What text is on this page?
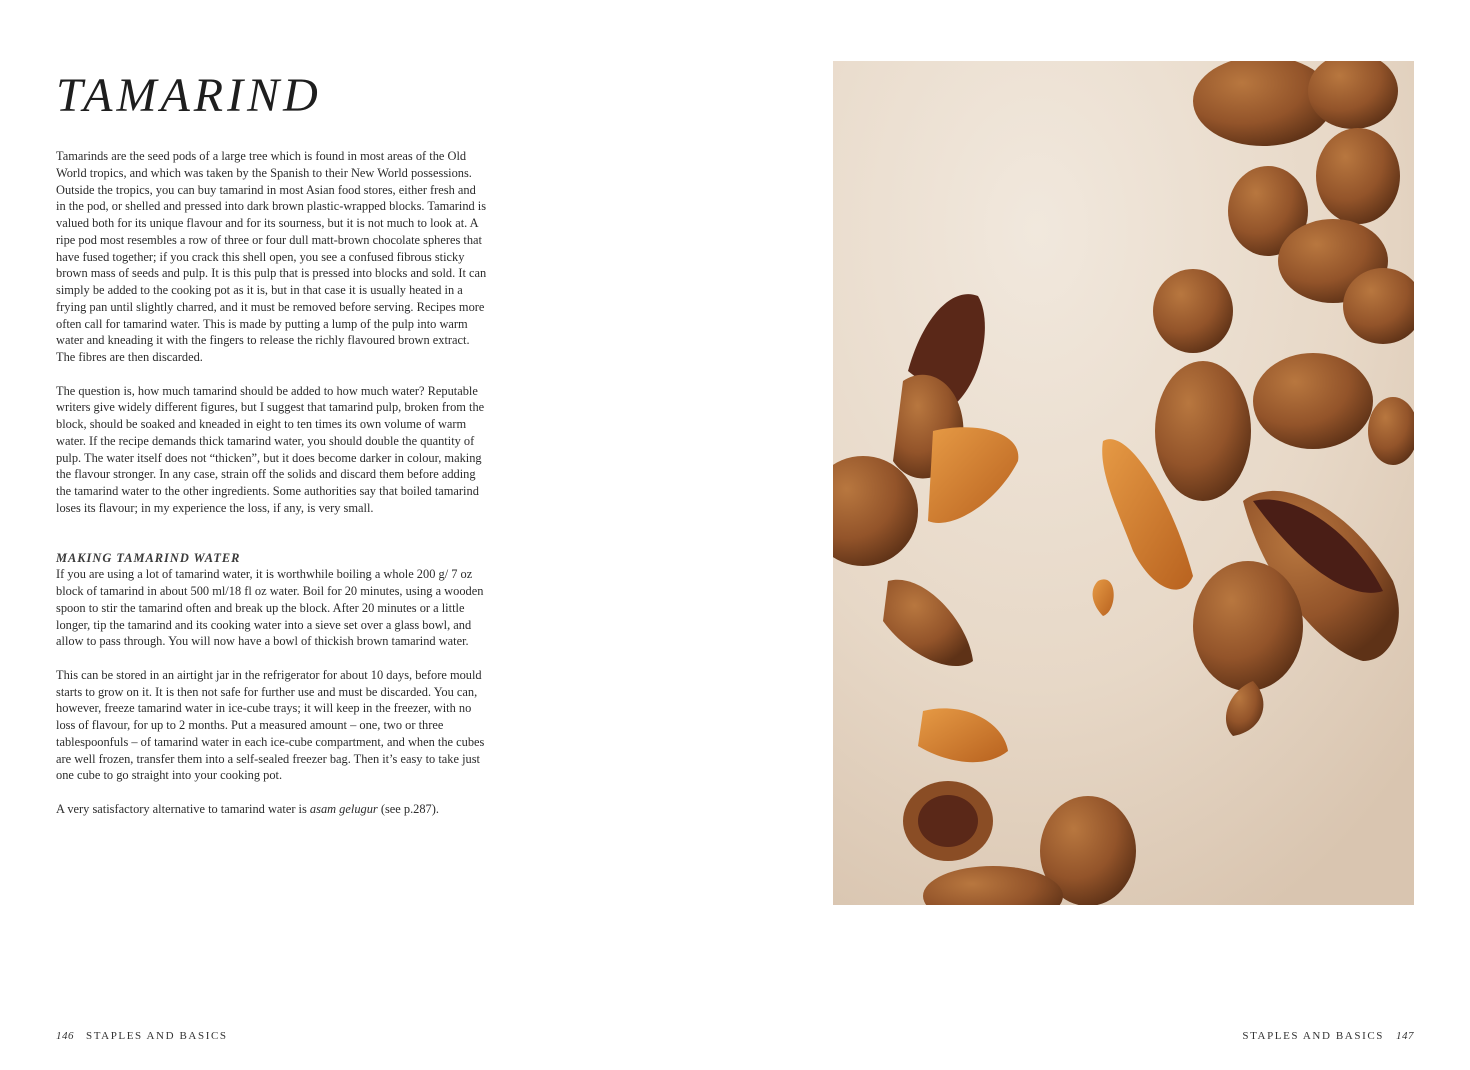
TAMARIND

Tamarinds are the seed pods of a large tree which is found in most areas of the Old World tropics, and which was taken by the Spanish to their New World possessions. Outside the tropics, you can buy tamarind in most Asian food stores, either fresh and in the pod, or shelled and pressed into dark brown plastic-wrapped blocks. Tamarind is valued both for its unique flavour and for its sourness, but it is not much to look at. A ripe pod most resembles a row of three or four dull matt-brown chocolate spheres that have fused together; if you crack this shell open, you see a confused fibrous sticky brown mass of seeds and pulp. It is this pulp that is pressed into blocks and sold. It can simply be added to the cooking pot as it is, but in that case it is usually heated in a frying pan until slightly charred, and it must be removed before serving. Recipes more often call for tamarind water. This is made by putting a lump of the pulp into warm water and kneading it with the fingers to release the richly flavoured brown extract. The fibres are then discarded.

The question is, how much tamarind should be added to how much water? Reputable writers give widely different figures, but I suggest that tamarind pulp, broken from the block, should be soaked and kneaded in eight to ten times its own volume of warm water. If the recipe demands thick tamarind water, you should double the quantity of pulp. The water itself does not “thicken”, but it does become darker in colour, making the flavour stronger. In any case, strain off the solids and discard them before adding the tamarind water to the other ingredients. Some authorities say that boiled tamarind loses its flavour; in my experience the loss, if any, is very small.

MAKING TAMARIND WATER

If you are using a lot of tamarind water, it is worthwhile boiling a whole 200 g/ 7 oz block of tamarind in about 500 ml/18 fl oz water. Boil for 20 minutes, using a wooden spoon to stir the tamarind often and break up the block. After 20 minutes or a little longer, tip the tamarind and its cooking water into a sieve set over a glass bowl, and allow to pass through. You will now have a bowl of thickish brown tamarind water.

This can be stored in an airtight jar in the refrigerator for about 10 days, before mould starts to grow on it. It is then not safe for further use and must be discarded. You can, however, freeze tamarind water in ice-cube trays; it will keep in the freezer, with no loss of flavour, for up to 2 months. Put a measured amount – one, two or three tablespoonfuls – of tamarind water in each ice-cube compartment, and when the cubes are well frozen, transfer them into a self-sealed freezer bag. Then it’s easy to take just one cube to go straight into your cooking pot.

A very satisfactory alternative to tamarind water is asam gelugur (see p.287).

146 STAPLES AND BASICS	STAPLES AND BASICS 147
